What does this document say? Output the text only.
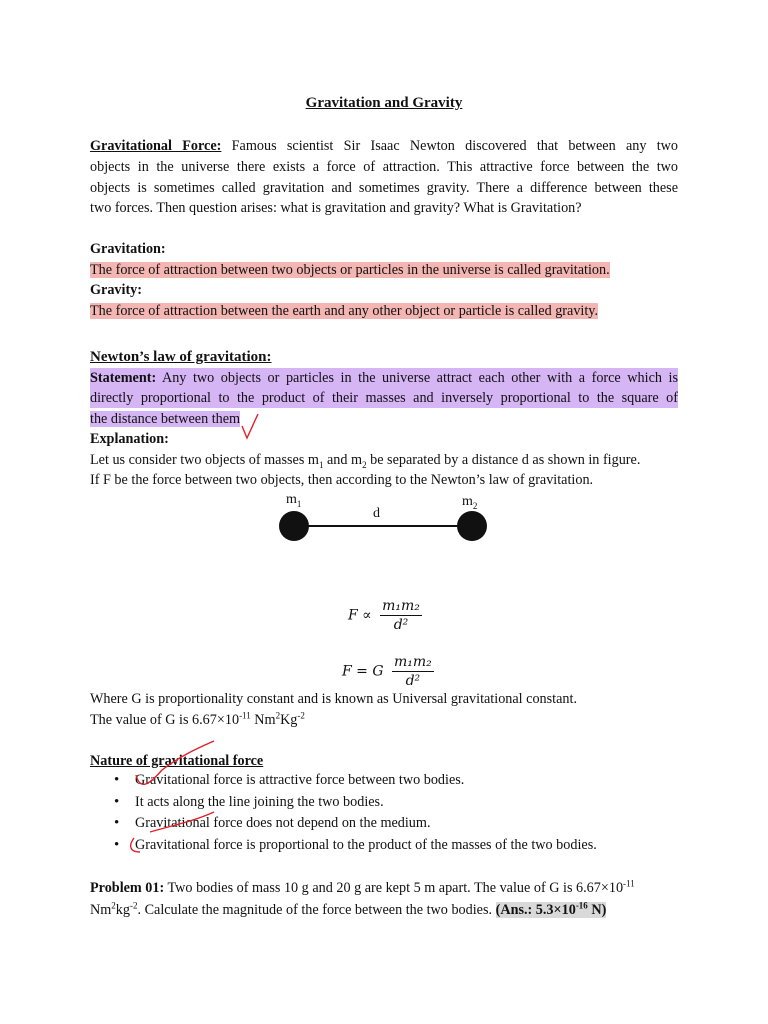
Gravitation and Gravity
Gravitational Force: Famous scientist Sir Isaac Newton discovered that between any two
objects in the universe there exists a force of attraction. This attractive force between the two
objects is sometimes called gravitation and sometimes gravity. There a difference between these
two forces. Then question arises: what is gravitation and gravity? What is Gravitation?
Gravitation:
The force of attraction between two objects or particles in the universe is called gravitation.
Gravity:
The force of attraction between the earth and any other object or particle is called gravity.
Newton’s law of gravitation:
Statement: Any two objects or particles in the universe attract each other with a force which is
directly proportional to the product of their masses and inversely proportional to the square of
the distance between them
Explanation:
Let us consider two objects of masses $m_1$ and $m_2$ be separated by a distance d as shown in figure.
If F be the force between two objects, then according to the Newton’s law of gravitation.
Where G is proportionality constant and is known as Universal gravitational constant.
The value of G is $6.67\times 10^{-11}$ $Nm^2Kg^{-2}$
Nature of gravitational force
• Gravitational force is attractive force between two bodies.
• It acts along the line joining the two bodies.
• Gravitational force does not depend on the medium.
• Gravitational force is proportional to the product of the masses of the two bodies.
Problem 01: Two bodies of mass 10 g and 20 g are kept 5 m apart. The value of G is $6.67\times 10^{-11}$
$Nm^2kg^{-2}$. Calculate the magnitude of the force between the two bodies. (Ans.: $5.3\times 10^{-16}$ N)
$m_1$	$m_2$
d
$F \propto \frac{\text{m₁m₂}}{\text{d²}}$
F = G $\frac{\text{m₁m₂}}{\text{d²}}$
